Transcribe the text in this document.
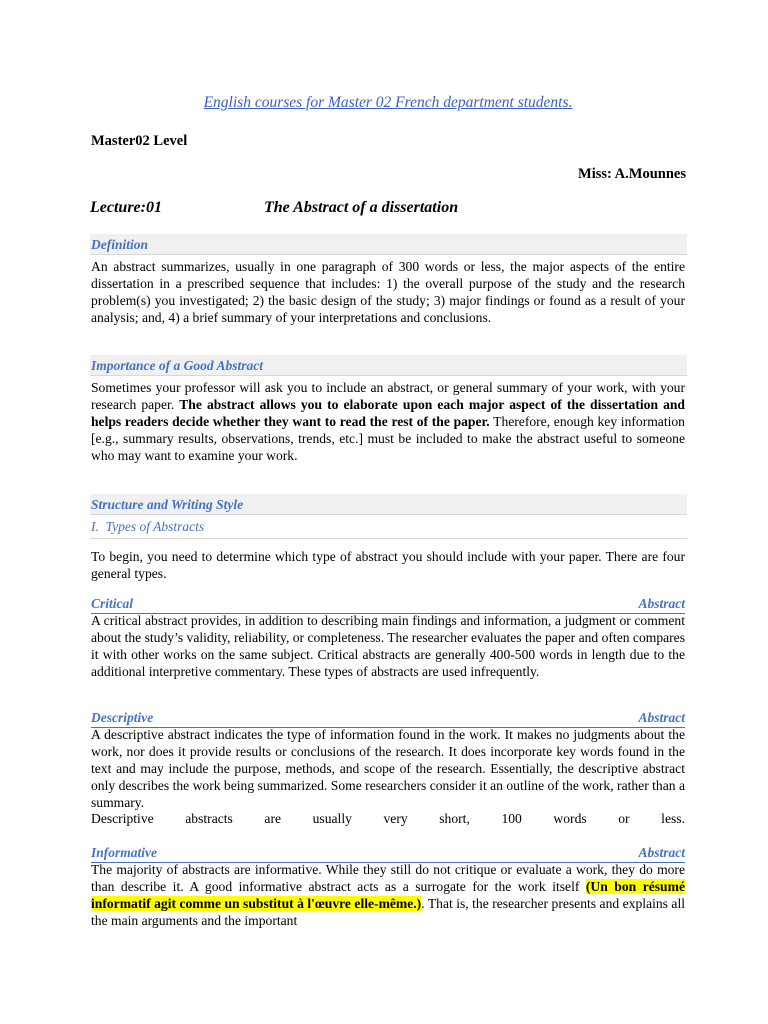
English courses for Master 02 French department students.
Master02 Level
Miss: A.Mounnes
Lecture:01	The Abstract of a dissertation
Definition
An abstract summarizes, usually in one paragraph of 300 words or less, the major aspects of the entire dissertation in a prescribed sequence that includes: 1) the overall purpose of the study and the research problem(s) you investigated; 2) the basic design of the study; 3) major findings or found as a result of your analysis; and, 4) a brief summary of your interpretations and conclusions.
Importance of a Good Abstract
Sometimes your professor will ask you to include an abstract, or general summary of your work, with your research paper. The abstract allows you to elaborate upon each major aspect of the dissertation and helps readers decide whether they want to read the rest of the paper. Therefore, enough key information [e.g., summary results, observations, trends, etc.] must be included to make the abstract useful to someone who may want to examine your work.
Structure and Writing Style
I. Types of Abstracts
To begin, you need to determine which type of abstract you should include with your paper. There are four general types.
Critical	Abstract
A critical abstract provides, in addition to describing main findings and information, a judgment or comment about the study’s validity, reliability, or completeness. The researcher evaluates the paper and often compares it with other works on the same subject. Critical abstracts are generally 400-500 words in length due to the additional interpretive commentary. These types of abstracts are used infrequently.
Descriptive	Abstract
A descriptive abstract indicates the type of information found in the work. It makes no judgments about the work, nor does it provide results or conclusions of the research. It does incorporate key words found in the text and may include the purpose, methods, and scope of the research. Essentially, the descriptive abstract only describes the work being summarized. Some researchers consider it an outline of the work, rather than a summary.
Descriptive abstracts are usually very short, 100 words or less.
Informative	Abstract
The majority of abstracts are informative. While they still do not critique or evaluate a work, they do more than describe it. A good informative abstract acts as a surrogate for the work itself (Un bon résumé informatif agit comme un substitut à l'œuvre elle-même.). That is, the researcher presents and explains all the main arguments and the important
